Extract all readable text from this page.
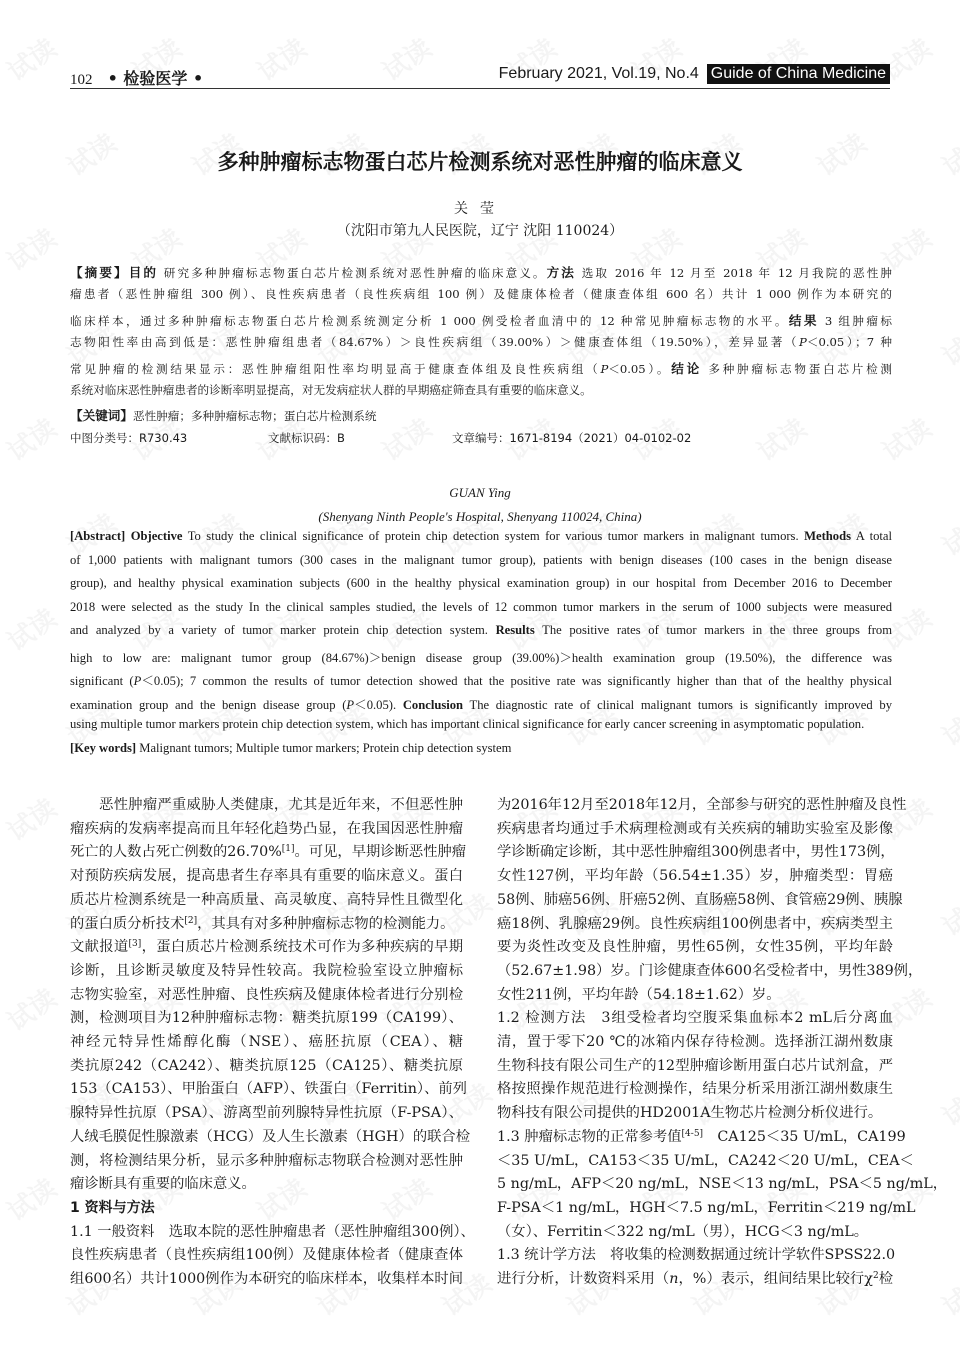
102 • 检验医学 •	February 2021, Vol.19, No.4 Guide of China Medicine
多种肿瘤标志物蛋白芯片检测系统对恶性肿瘤的临床意义
关莹
（沈阳市第九人民医院，辽宁 沈阳 110024）
【摘要】目的 研究多种肿瘤标志物蛋白芯片检测系统对恶性肿瘤的临床意义。方法 选取 2016 年 12 月至 2018 年 12 月我院的恶性肿
瘤患者（恶性肿瘤组 300 例）、良性疾病患者（良性疾病组 100 例）及健康体检者（健康查体组 600 名）共计 1 000 例作为本研究的
临床样本，通过多种肿瘤标志物蛋白芯片检测系统测定分析 1 000 例受检者血清中的 12 种常见肿瘤标志物的水平。结果 3 组肿瘤标
志物阳性率由高到低是：恶性肿瘤组患者（84.67%）＞良性疾病组（39.00%）＞健康查体组（19.50%），差异显著（P＜0.05）；7 种
常见肿瘤的检测结果显示：恶性肿瘤组阳性率均明显高于健康查体组及良性疾病组（P＜0.05）。结论 多种肿瘤标志物蛋白芯片检测
系统对临床恶性肿瘤患者的诊断率明显提高，对无发病症状人群的早期癌症筛查具有重要的临床意义。
【关键词】恶性肿瘤；多种肿瘤标志物；蛋白芯片检测系统
中图分类号：R730.43	文献标识码：B	文章编号：1671-8194（2021）04-0102-02
GUAN Ying
(Shenyang Ninth People's Hospital, Shenyang 110024, China)
[Abstract] Objective To study the clinical significance of protein chip detection system for various tumor markers in malignant tumors. Methods A total
of 1,000 patients with malignant tumors (300 cases in the malignant tumor group), patients with benign diseases (100 cases in the benign disease
group), and healthy physical examination subjects (600 in the healthy physical examination group) in our hospital from December 2016 to December
2018 were selected as the study In the clinical samples studied, the levels of 12 common tumor markers in the serum of 1000 subjects were measured
and analyzed by a variety of tumor marker protein chip detection system. Results The positive rates of tumor markers in the three groups from
high to low are: malignant tumor group (84.67%)＞benign disease group (39.00%)＞health examination group (19.50%), the difference was
significant (P＜0.05); 7 common the results of tumor detection showed that the positive rate was significantly higher than that of the healthy physical
examination group and the benign disease group (P＜0.05). Conclusion The diagnostic rate of clinical malignant tumors is significantly improved by
using multiple tumor markers protein chip detection system, which has important clinical significance for early cancer screening in asymptomatic population.
[Key words] Malignant tumors; Multiple tumor markers; Protein chip detection system
　　恶性肿瘤严重威胁人类健康，尤其是近年来，不但恶性肿
瘤疾病的发病率提高而且年轻化趋势凸显，在我国因恶性肿瘤
死亡的人数占死亡例数的26.70%[1]。可见，早期诊断恶性肿瘤
对预防疾病发展，提高患者生存率具有重要的临床意义。蛋白
质芯片检测系统是一种高质量、高灵敏度、高特异性且微型化
的蛋白质分析技术[2]，其具有对多种肿瘤标志物的检测能力。
文献报道[3]，蛋白质芯片检测系统技术可作为多种疾病的早期
诊断，且诊断灵敏度及特异性较高。我院检验室设立肿瘤标
志物实验室，对恶性肿瘤、良性疾病及健康体检者进行分别检
测，检测项目为12种肿瘤标志物：糖类抗原199（CA199）、
神经元特异性烯醇化酶（NSE）、癌胚抗原（CEA）、糖
类抗原242（CA242）、糖类抗原125（CA125）、糖类抗原
153（CA153）、甲胎蛋白（AFP）、铁蛋白（Ferritin）、前列
腺特异性抗原（PSA）、游离型前列腺特异性抗原（F-PSA）、
人绒毛膜促性腺激素（HCG）及人生长激素（HGH）的联合检
测，将检测结果分析，显示多种肿瘤标志物联合检测对恶性肿
瘤诊断具有重要的临床意义。
1 资料与方法
1.1 一般资料　选取本院的恶性肿瘤患者（恶性肿瘤组300例）、
良性疾病患者（良性疾病组100例）及健康体检者（健康查体
组600名）共计1000例作为本研究的临床样本，收集样本时间
为2016年12月至2018年12月，全部参与研究的恶性肿瘤及良性
疾病患者均通过手术病理检测或有关疾病的辅助实验室及影像
学诊断确定诊断，其中恶性肿瘤组300例患者中，男性173例，
女性127例，平均年龄（56.54±1.35）岁，肿瘤类型：胃癌
58例、肺癌56例、肝癌52例、直肠癌58例、食管癌29例、胰腺
癌18例、乳腺癌29例。良性疾病组100例患者中，疾病类型主
要为炎性改变及良性肿瘤，男性65例，女性35例，平均年龄
（52.67±1.98）岁。门诊健康查体600名受检者中，男性389例，
女性211例，平均年龄（54.18±1.62）岁。
1.2 检测方法　3组受检者均空腹采集血标本2 mL后分离血
清，置于零下20 ℃的冰箱内保存待检测。选择浙江湖州数康
生物科技有限公司生产的12型肿瘤诊断用蛋白芯片试剂盒，严
格按照操作规范进行检测操作，结果分析采用浙江湖州数康生
物科技有限公司提供的HD2001A生物芯片检测分析仪进行。
1.3 肿瘤标志物的正常参考值[4-5]　CA125＜35 U/mL，CA199
＜35 U/mL，CA153＜35 U/mL，CA242＜20 U/mL，CEA＜
5 ng/mL，AFP＜20 ng/mL，NSE＜13 ng/mL，PSA＜5 ng/mL，
F-PSA＜1 ng/mL，HGH＜7.5 ng/mL，Ferritin＜219 ng/mL
（女）、Ferritin＜322 ng/mL（男），HCG＜3 ng/mL。
1.3 统计学方法　将收集的检测数据通过统计学软件SPSS22.0
进行分析，计数资料采用（n，%）表示，组间结果比较行$\chi^2$检
